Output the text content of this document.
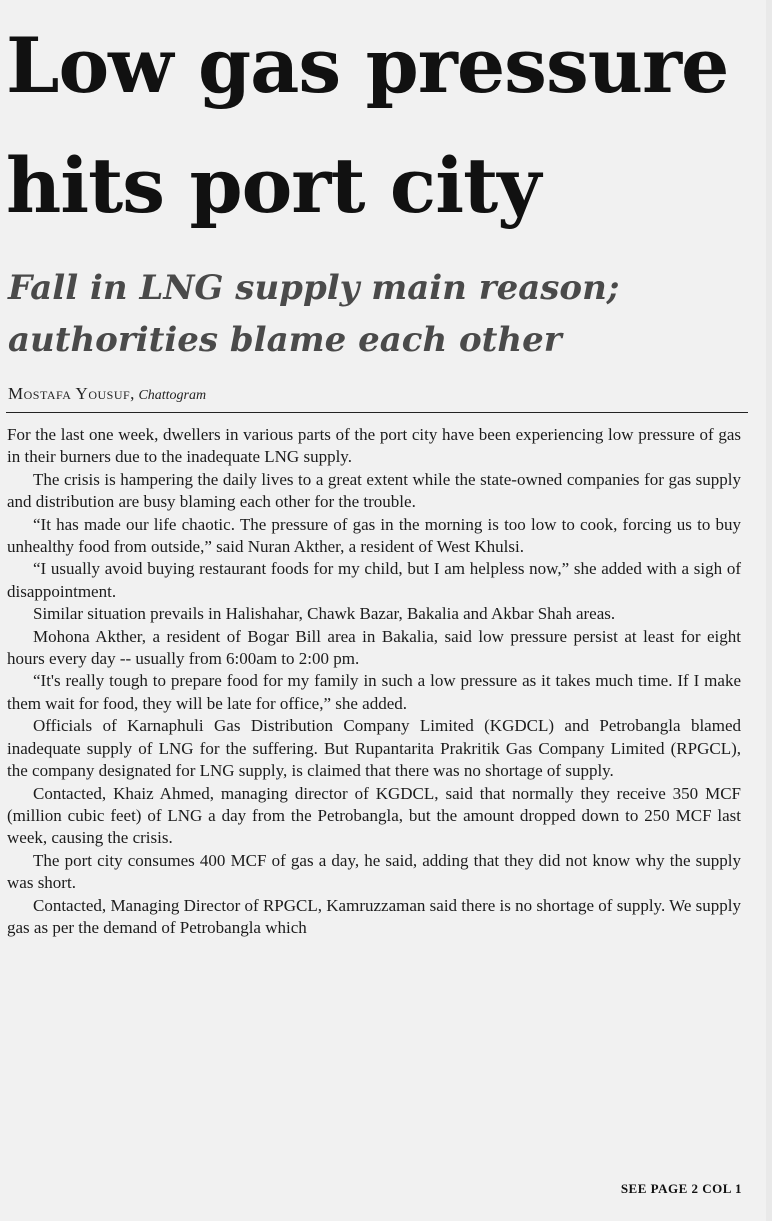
Low gas pressure hits port city
Fall in LNG supply main reason; authorities blame each other
Mostafa Yousuf, Chattogram

For the last one week, dwellers in various parts of the port city have been experiencing low pressure of gas in their burners due to the inadequate LNG supply.

The crisis is hampering the daily lives to a great extent while the state-owned companies for gas supply and distribution are busy blaming each other for the trouble.

“It has made our life chaotic. The pressure of gas in the morning is too low to cook, forcing us to buy unhealthy food from outside,” said Nuran Akther, a resident of West Khulsi.

“I usually avoid buying restaurant foods for my child, but I am helpless now,” she added with a sigh of disappointment.

Similar situation prevails in Halishahar, Chawk Bazar, Bakalia and Akbar Shah areas.

Mohona Akther, a resident of Bogar Bill area in Bakalia, said low pressure persist at least for eight hours every day -- usually from 6:00am to 2:00 pm.

“It's really tough to prepare food for my family in such a low pressure as it takes much time. If I make them wait for food, they will be late for office,” she added.

Officials of Karnaphuli Gas Distribution Company Limited (KGDCL) and Petrobangla blamed inadequate supply of LNG for the suffering. But Rupantarita Prakritik Gas Company Limited (RPGCL), the company designated for LNG supply, is claimed that there was no shortage of supply.

Contacted, Khaiz Ahmed, managing director of KGDCL, said that normally they receive 350 MCF (million cubic feet) of LNG a day from the Petrobangla, but the amount dropped down to 250 MCF last week, causing the crisis.

The port city consumes 400 MCF of gas a day, he said, adding that they did not know why the supply was short.

Contacted, Managing Director of RPGCL, Kamruzzaman said there is no shortage of supply. We supply gas as per the demand of Petrobangla which

SEE PAGE 2 COL 1
